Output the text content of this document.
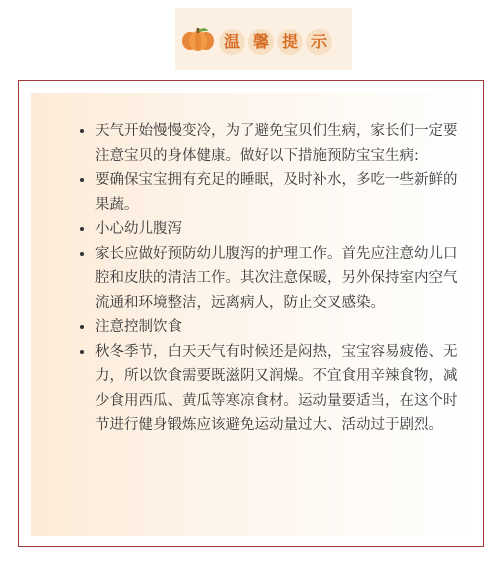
温 馨 提 示
• 天气开始慢慢变冷，为了避免宝贝们生病，家长们一定要注意宝贝的身体健康。做好以下措施预防宝宝生病:
• 要确保宝宝拥有充足的睡眠，及时补水，多吃一些新鲜的果蔬。
• 小心幼儿腹泻
• 家长应做好预防幼儿腹泻的护理工作。首先应注意幼儿口腔和皮肤的清洁工作。其次注意保暖，另外保持室内空气流通和环境整洁，远离病人，防止交叉感染。
• 注意控制饮食
• 秋冬季节，白天天气有时候还是闷热，宝宝容易疲倦、无力，所以饮食需要既滋阴又润燥。不宜食用辛辣食物，减少食用西瓜、黄瓜等寒凉食材。运动量要适当，在这个时节进行健身锻炼应该避免运动量过大、活动过于剧烈。
